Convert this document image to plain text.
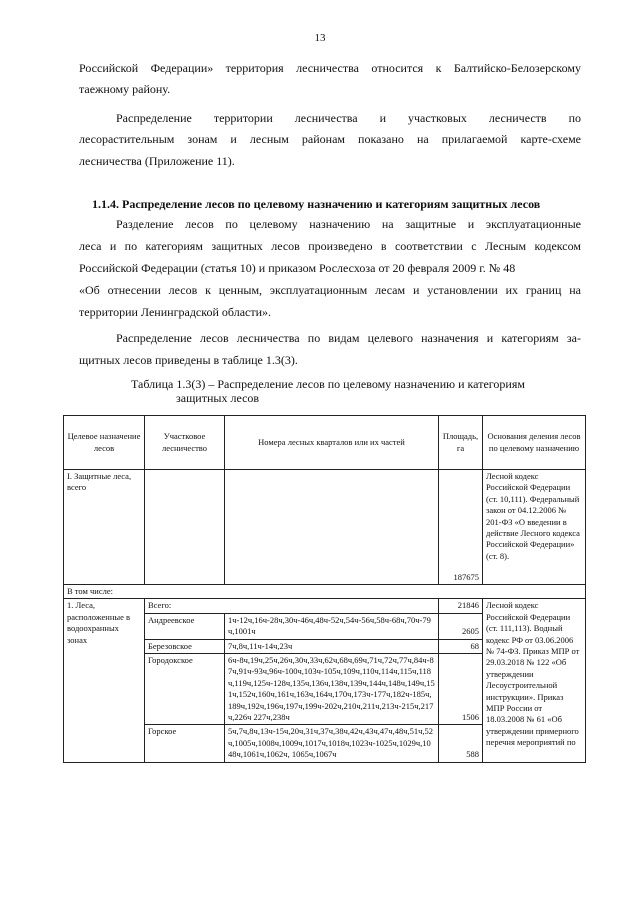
13
Российской Федерации» территория лесничества относится к Балтийско-Белозерскому
таежному району.
Распределение территории лесничества и участковых лесничеств по
лесорастительным зонам и лесным районам показано на прилагаемой карте-схеме
лесничества (Приложение 11).
1.1.4. Распределение лесов по целевому назначению и категориям защитных лесов
Разделение лесов по целевому назначению на защитные и эксплуатационные
леса и по категориям защитных лесов произведено в соответствии с Лесным кодексом
Российской Федерации (статья 10) и приказом Рослесхоза от 20 февраля 2009 г. № 48
«Об отнесении лесов к ценным, эксплуатационным лесам и установлении их границ на
территории Ленинградской области».
Распределение лесов лесничества по видам целевого назначения и категориям за-
щитных лесов приведены в таблице 1.3(3).
Таблица 1.3(3) – Распределение лесов по целевому назначению и категориям
защитных лесов
Целевое назначение лесов	Участковое лесничество	Номера лесных кварталов или их частей	Площадь, га	Основания деления лесов по целевому назначению
I. Защитные леса, всего			187675	Лесной кодекс Российской Федерации (ст. 10,111). Федеральный закон от 04.12.2006 № 201-ФЗ «О введении в действие Лесного кодекса Российской Федерации» (ст. 8).
В том числе:				
1. Леса, расположенные в водоохранных зонах	Всего:		21846	Лесной кодекс Российской Федерации (ст. 111,113). Водный кодекс РФ от 03.06.2006 № 74-ФЗ. Приказ МПР от 29.03.2018 № 122 «Об утверждении Лесоустроительной инструкции». Приказ МПР России от 18.03.2008 № 61 «Об утверждении примерного перечня мероприятий по
	Андреевское	1ч-12ч,16ч-28ч,30ч-46ч,48ч-52ч,54ч-56ч,58ч-68ч,70ч-79ч,1001ч	2605	
	Березовское	7ч,8ч,11ч-14ч,23ч	68	
	Городокское	6ч-8ч,19ч,25ч,26ч,30ч,33ч,62ч,68ч,69ч,71ч,72ч,77ч,84ч-87ч,91ч-93ч,96ч-100ч,103ч-105ч,109ч,110ч,114ч,115ч,118ч,119ч,125ч-128ч,135ч,136ч,138ч,139ч,144ч,148ч,149ч,151ч,152ч,160ч,161ч,163ч,164ч,170ч,173ч-177ч,182ч-185ч,189ч,192ч,196ч,197ч,199ч-202ч,210ч,211ч,213ч-215ч,217ч,226ч 227ч,238ч	1506	
	Горское	5ч,7ч,8ч,13ч-15ч,20ч,31ч,37ч,38ч,42ч,43ч,47ч,48ч,51ч,52ч,1005ч,1008ч,1009ч,1017ч,1018ч,1023ч-1025ч,1029ч,1048ч,1061ч,1062ч, 1065ч,1067ч	588	
